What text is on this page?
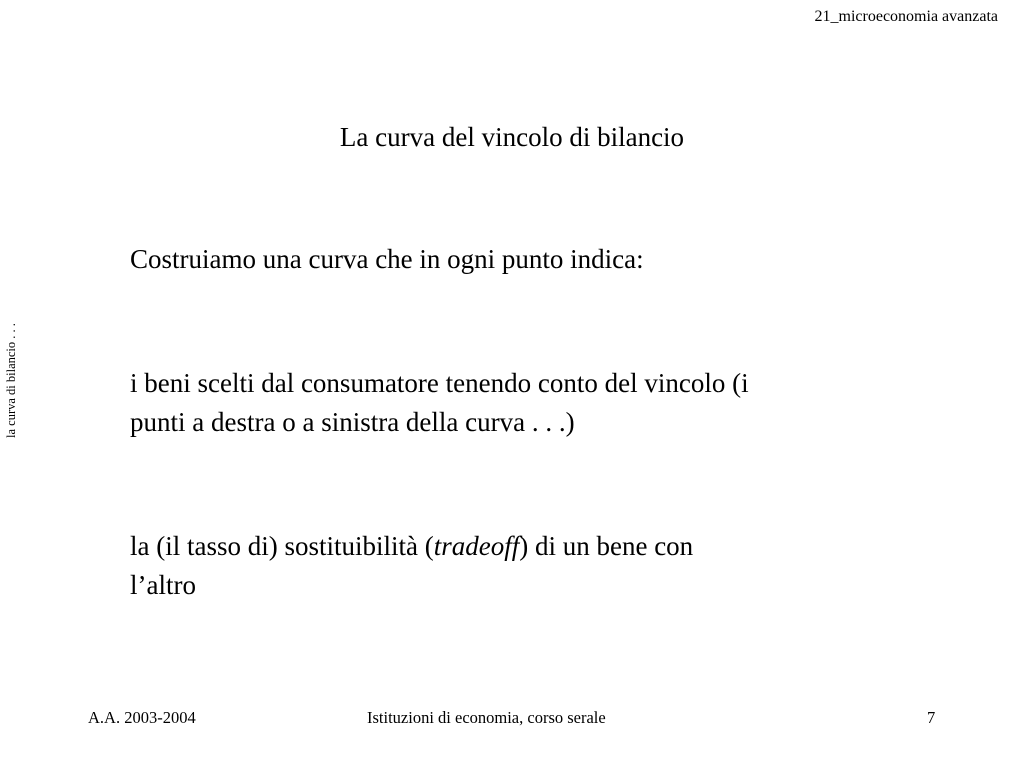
21_microeconomia avanzata
la curva di bilancio . . .
La curva del vincolo di bilancio
Costruiamo una curva che in ogni punto indica:
i beni scelti dal consumatore tenendo conto del vincolo (i
punti a destra o a sinistra della curva . . .)
la (il tasso di) sostituibilità (tradeoff) di un bene con
l’altro
A.A. 2003-2004	Istituzioni di economia, corso serale	7
